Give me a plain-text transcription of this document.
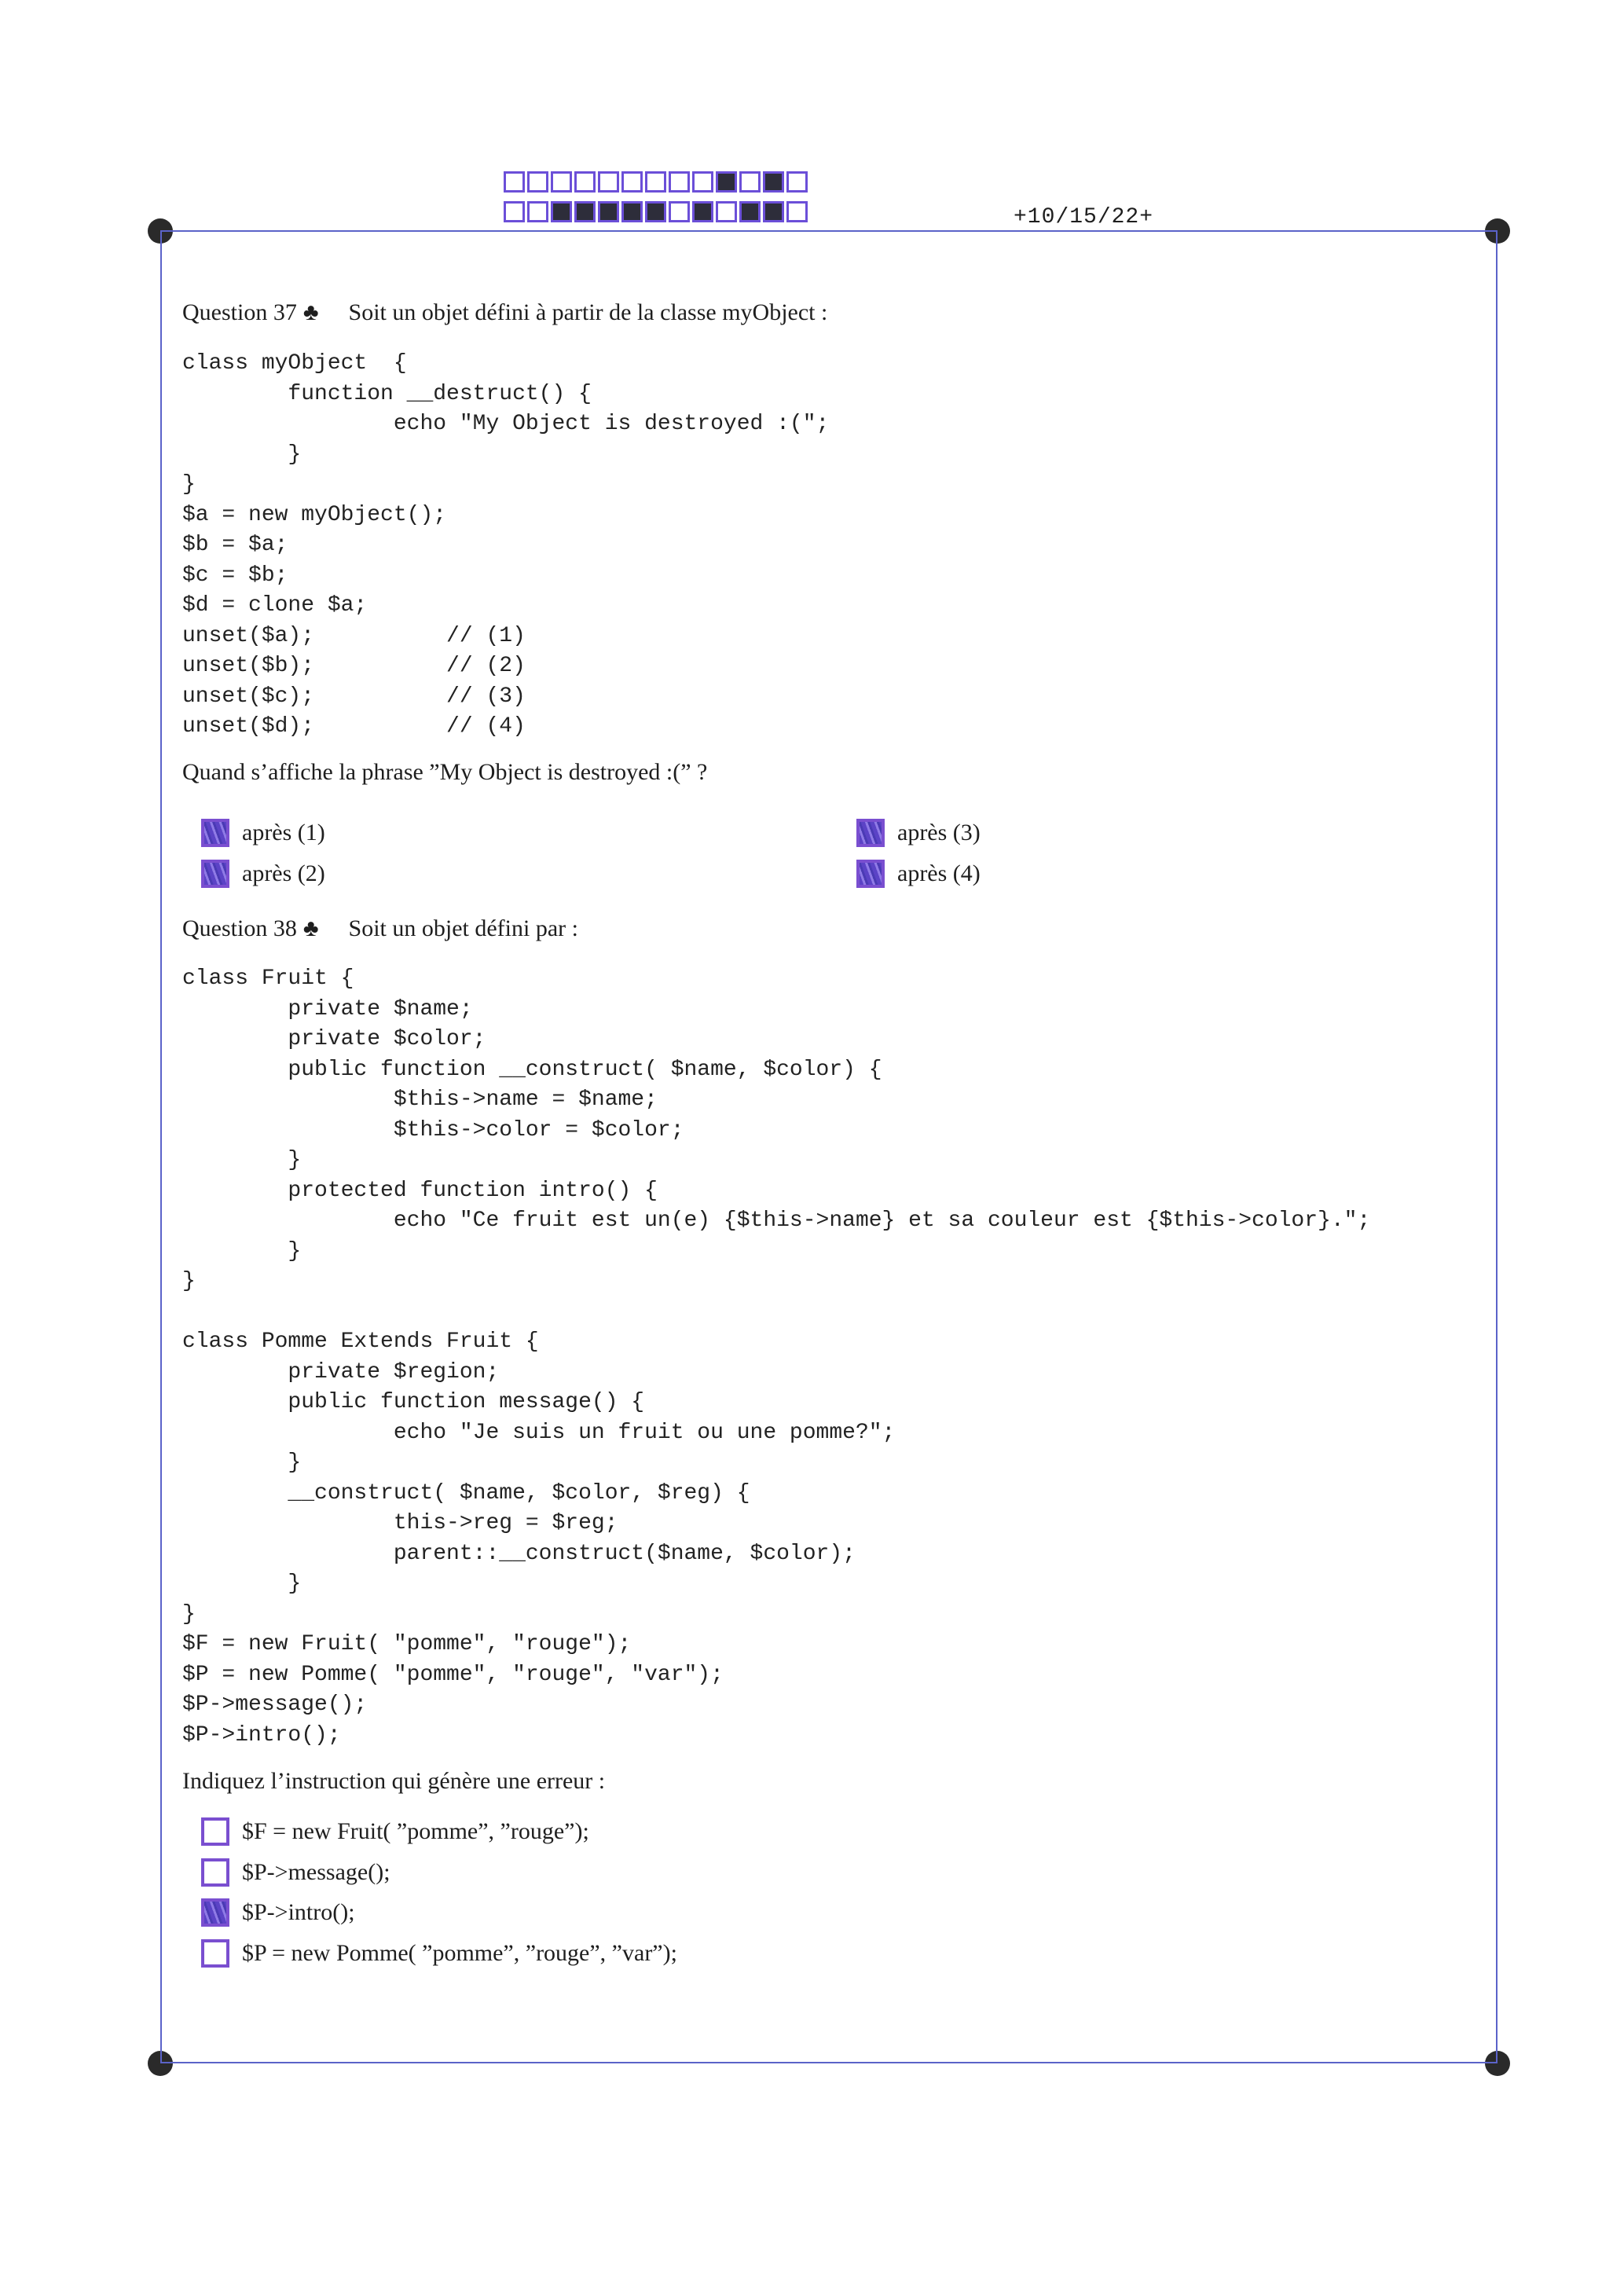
+10/15/22+
Question 37 ♣ Soit un objet défini à partir de la classe myObject :
class myObject  {
function __destruct() {
echo "My Object is destroyed :(";
}
}
$a = new myObject();
$b = $a;
$c = $b;
$d = clone $a;
unset($a);          // (1)
unset($b);          // (2)
unset($c);          // (3)
unset($d);          // (4)
Quand s’affiche la phrase ”My Object is destroyed :(” ?
après (1)
après (2)
après (3)
après (4)
Question 38 ♣ Soit un objet défini par :
class Fruit {
private $name;
private $color;
public function __construct( $name, $color) {
$this->name = $name;
$this->color = $color;
}
protected function intro() {
echo "Ce fruit est un(e) {$this->name} et sa couleur est {$this->color}.";
}
}

class Pomme Extends Fruit {
private $region;
public function message() {
echo "Je suis un fruit ou une pomme?";
}
__construct( $name, $color, $reg) {
this->reg = $reg;
parent::__construct($name, $color);
}
}
$F = new Fruit( "pomme", "rouge");
$P = new Pomme( "pomme", "rouge", "var");
$P->message();
$P->intro();
Indiquez l’instruction qui génère une erreur :
$F = new Fruit( ”pomme”, ”rouge”);
$P->message();
$P->intro();
$P = new Pomme( ”pomme”, ”rouge”, ”var”);
